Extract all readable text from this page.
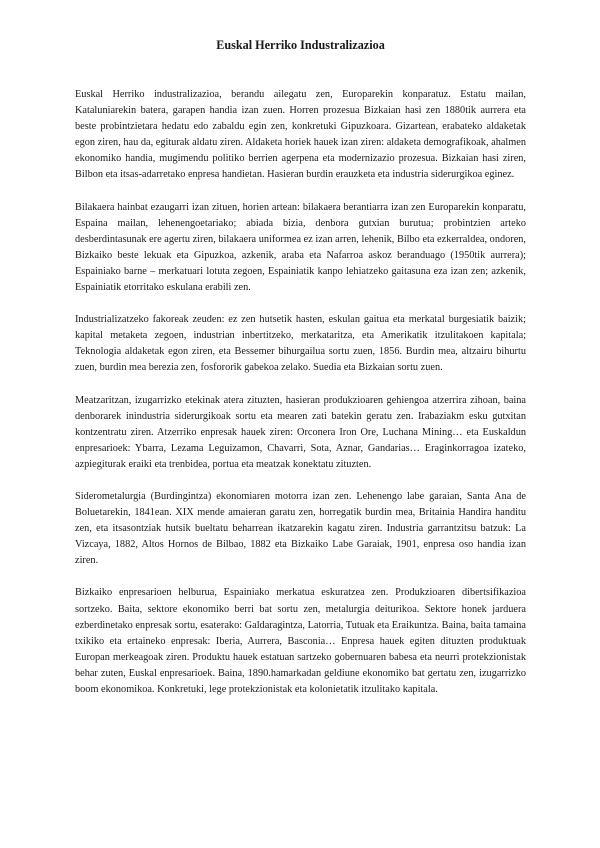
Euskal Herriko Industralizazioa

Euskal Herriko industralizazioa, berandu ailegatu zen, Europarekin konparatuz. Estatu mailan, Kataluniarekin batera, garapen handia izan zuen. Horren prozesua Bizkaian hasi zen 1880tik aurrera eta beste probintzietara hedatu edo zabaldu egin zen, konkretuki Gipuzkoara. Gizartean, erabateko aldaketak egon ziren, hau da, egiturak aldatu ziren. Aldaketa horiek hauek izan ziren: aldaketa demografikoak, ahalmen ekonomiko handia, mugimendu politiko berrien agerpena eta modernizazio prozesua. Bizkaian hasi ziren, Bilbon eta itsas-adarretako enpresa handietan. Hasieran burdin erauzketa eta industria siderurgikoa eginez.

Bilakaera hainbat ezaugarri izan zituen, horien artean: bilakaera berantiarra izan zen Europarekin konparatu, Espaina mailan, lehenengoetariako; abiada bizia, denbora gutxian burutua; probintzien arteko desberdintasunak ere agertu ziren, bilakaera uniformea ez izan arren, lehenik, Bilbo eta ezkerraldea, ondoren, Bizkaiko beste lekuak eta Gipuzkoa, azkenik, araba eta Nafarroa askoz beranduago (1950tik aurrera); Espainiako barne – merkatuari lotuta zegoen, Espainiatik kanpo lehiatzeko gaitasuna eza izan zen; azkenik, Espainiatik etorritako eskulana erabili zen.

Industrializatzeko fakoreak zeuden: ez zen hutsetik hasten, eskulan gaitua eta merkatal burgesiatik baizik; kapital metaketa zegoen, industrian inbertitzeko, merkataritza, eta Amerikatik itzulitakoen kapitala; Teknologia aldaketak egon ziren, eta Bessemer bihurgailua sortu zuen, 1856. Burdin mea, altzairu bihurtu zuen, burdin mea berezia zen, fosfororik gabekoa zelako. Suedia eta Bizkaian sortu zuen.

Meatzaritzan, izugarrizko etekinak atera zituzten, hasieran produkzioaren gehiengoa atzerrira zihoan, baina denborarek inindustria siderurgikoak sortu eta mearen zati batekin geratu zen. Irabaziakm esku gutxitan kontzentratu ziren. Atzerriko enpresak hauek ziren: Orconera Iron Ore, Luchana Mining… eta Euskaldun enpresarioek: Ybarra, Lezama Leguizamon, Chavarri, Sota, Aznar, Gandarias… Eraginkorragoa izateko, azpiegiturak eraiki eta trenbidea, portua eta meatzak konektatu zituzten.

Siderometalurgia (Burdingintza) ekonomiaren motorra izan zen. Lehenengo labe garaian, Santa Ana de Boluetarekin, 1841ean. XIX mende amaieran garatu zen, horregatik burdin mea, Britainia Handira handitu zen, eta itsasontziak hutsik bueltatu beharrean ikatzarekin kagatu ziren. Industria garrantzitsu batzuk: La Vizcaya, 1882, Altos Hornos de Bilbao, 1882 eta Bizkaiko Labe Garaiak, 1901, enpresa oso handia izan ziren.

Bizkaiko enpresarioen helburua, Espainiako merkatua eskuratzea zen. Produkzioaren dibertsifikazioa sortzeko. Baita, sektore ekonomiko berri bat sortu zen, metalurgia deiturikoa. Sektore honek jarduera ezberdinetako enpresak sortu, esaterako: Galdaragintza, Latorria, Tutuak eta Eraikuntza. Baina, baita tamaina txikiko eta ertaineko enpresak: Iberia, Aurrera, Basconia… Enpresa hauek egiten dituzten produktuak Europan merkeagoak ziren. Produktu hauek estatuan sartzeko gobernuaren babesa eta neurri protekzionistak behar zuten, Euskal enpresarioek. Baina, 1890.hamarkadan geldiune ekonomiko bat gertatu zen, izugarrizko boom ekonomikoa. Konkretuki, lege protekzionistak eta kolonietatik itzulitako kapitala.
